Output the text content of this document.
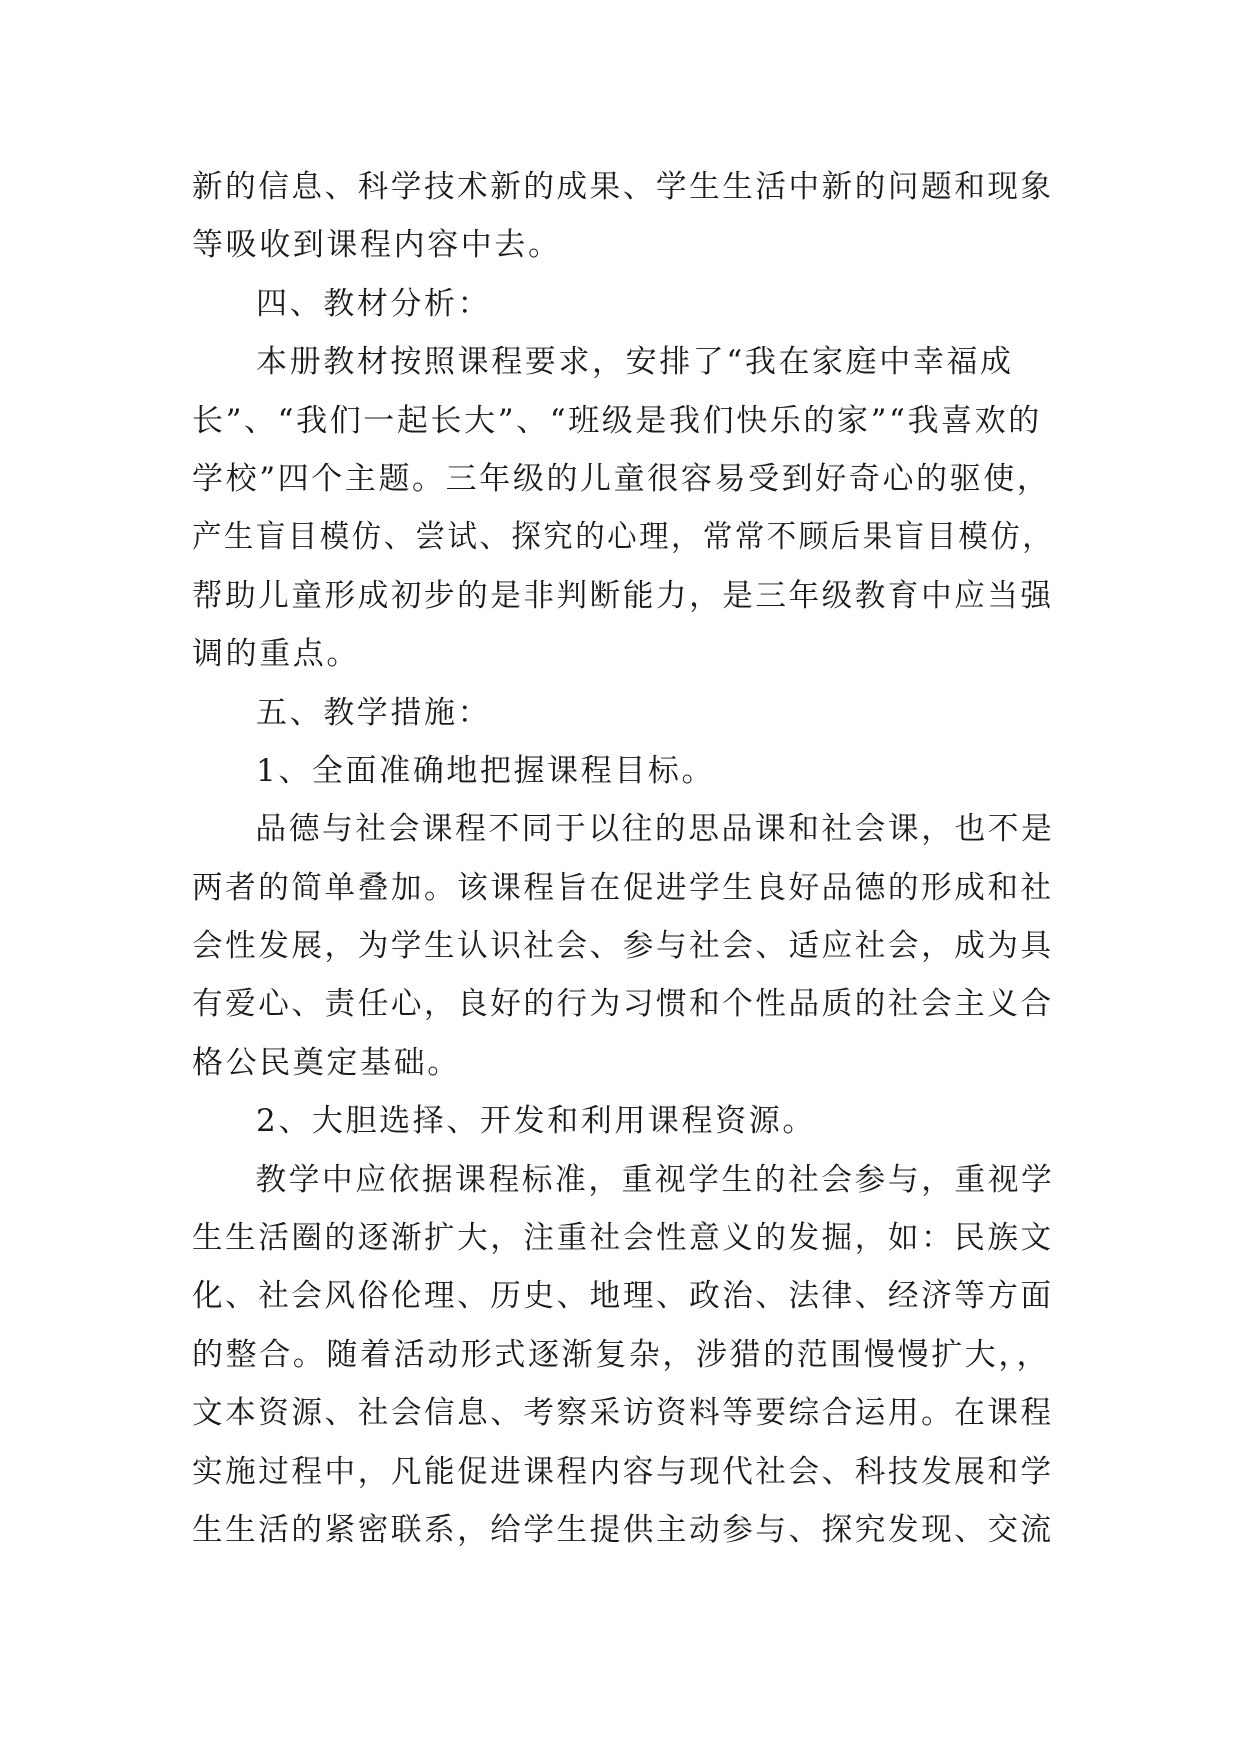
新的信息、科学技术新的成果、学生生活中新的问题和现象
等吸收到课程内容中去。
四、教材分析：
本册教材按照课程要求，安排了“我在家庭中幸福成
长”、“我们一起长大”、“班级是我们快乐的家”“我喜欢的
学校”四个主题。三年级的儿童很容易受到好奇心的驱使，
产生盲目模仿、尝试、探究的心理，常常不顾后果盲目模仿，
帮助儿童形成初步的是非判断能力，是三年级教育中应当强
调的重点。
五、教学措施：
1、全面准确地把握课程目标。
品德与社会课程不同于以往的思品课和社会课，也不是
两者的简单叠加。该课程旨在促进学生良好品德的形成和社
会性发展，为学生认识社会、参与社会、适应社会，成为具
有爱心、责任心，良好的行为习惯和个性品质的社会主义合
格公民奠定基础。
2、大胆选择、开发和利用课程资源。
教学中应依据课程标准，重视学生的社会参与，重视学
生生活圈的逐渐扩大，注重社会性意义的发掘，如：民族文
化、社会风俗伦理、历史、地理、政治、法律、经济等方面
的整合。随着活动形式逐渐复杂，涉猎的范围慢慢扩大，，
文本资源、社会信息、考察采访资料等要综合运用。在课程
实施过程中，凡能促进课程内容与现代社会、科技发展和学
生生活的紧密联系，给学生提供主动参与、探究发现、交流
